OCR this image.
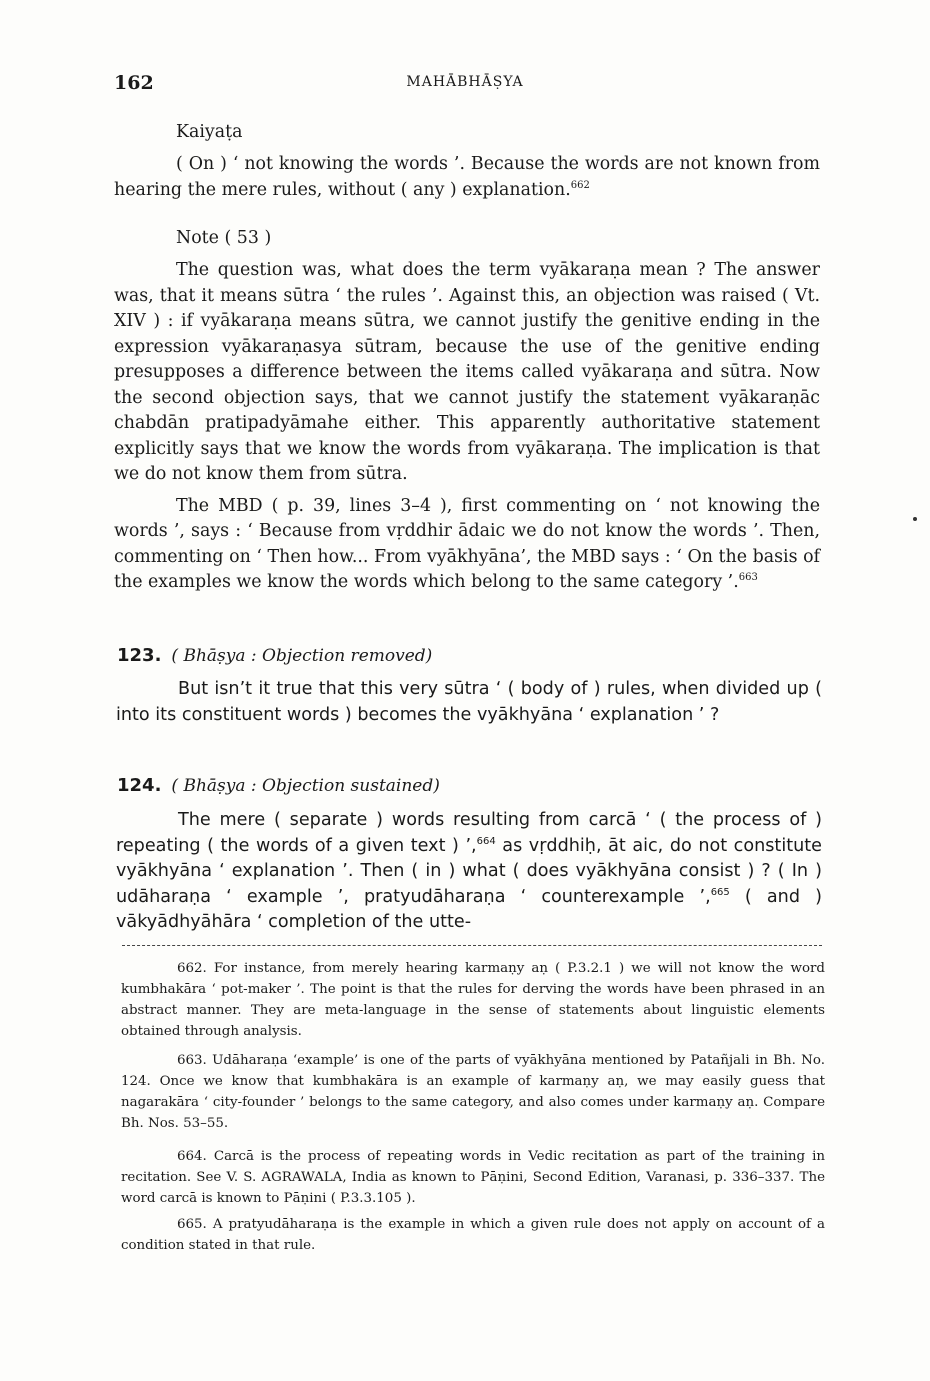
162	MAHĀBHĀṢYA
Kaiyaṭa

( On ) ‘ not knowing the words ’. Because the words are not known from hearing the mere rules, without ( any ) explanation.$^{662}$

Note ( 53 )

The question was, what does the term vyākaraṇa mean ? The answer was, that it means sūtra ‘ the rules ’. Against this, an objection was raised ( Vt. XIV ) : if vyākaraṇa means sūtra, we cannot justify the genitive ending in the expression vyākaraṇasya sūtram, because the use of the genitive ending presupposes a difference between the items called vyākaraṇa and sūtra. Now the second objection says, that we cannot justify the statement vyākaraṇāc chabdān pratipadyāmahe either. This apparently authoritative statement explicitly says that we know the words from vyākaraṇa. The implication is that we do not know them from sūtra.

The MBD ( p. 39, lines 3–4 ), first commenting on ‘ not knowing the words ’, says : ‘ Because from vṛddhir ādaic we do not know the words ’. Then, commenting on ‘ Then how... From vyākhyāna’, the MBD says : ‘ On the basis of the examples we know the words which belong to the same category ’.$^{663}$

123. ( Bhāṣya : Objection removed)

But isn’t it true that this very sūtra ‘ ( body of ) rules, when divided up ( into its constituent words ) becomes the vyākhyāna ‘ explanation ’ ?

124. ( Bhāṣya : Objection sustained)

The mere ( separate ) words resulting from carcā ‘ ( the process of ) repeating ( the words of a given text ) ’,$^{664}$ as vṛddhiḥ, āt aic, do not constitute vyākhyāna ‘ explanation ’. Then ( in ) what ( does vyākhyāna consist ) ? ( In ) udāharaṇa ‘ example ’, pratyudāharaṇa ‘ counterexample ’,$^{665}$ ( and ) vākyādhyāhāra ‘ completion of the utte-

662. For instance, from merely hearing karmaṇy aṇ ( P.3.2.1 ) we will not know the word kumbhakāra ‘ pot-maker ’. The point is that the rules for derving the words have been phrased in an abstract manner. They are meta-language in the sense of statements about linguistic elements obtained through analysis.

663. Udāharaṇa ‘example’ is one of the parts of vyākhyāna mentioned by Patañjali in Bh. No. 124. Once we know that kumbhakāra is an example of karmaṇy aṇ, we may easily guess that nagarakāra ‘ city-founder ’ belongs to the same category, and also comes under karmaṇy aṇ. Compare Bh. Nos. 53–55.

664. Carcā is the process of repeating words in Vedic recitation as part of the training in recitation. See V. S. AGRAWALA, India as known to Pāṇini, Second Edition, Varanasi, p. 336–337. The word carcā is known to Pāṇini ( P.3.3.105 ).

665. A pratyudāharaṇa is the example in which a given rule does not apply on account of a condition stated in that rule.
